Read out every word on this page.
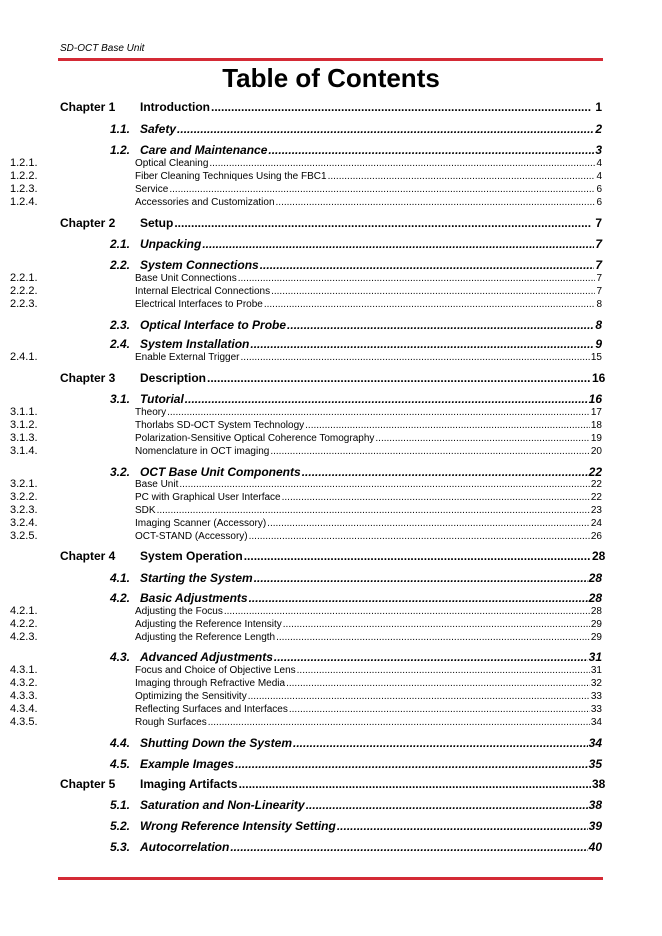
SD-OCT Base Unit
Table of Contents
Chapter 1 Introduction .....	1
1.1. Safety .....	2
1.2. Care and Maintenance .....	3
1.2.1.	Optical Cleaning .....	4
1.2.2.	Fiber Cleaning Techniques Using the FBC1 .....	4
1.2.3.	Service .....	6
1.2.4.	Accessories and Customization .....	6
Chapter 2 Setup .....	7
2.1. Unpacking .....	7
2.2. System Connections .....	7
2.2.1.	Base Unit Connections .....	7
2.2.2.	Internal Electrical Connections .....	7
2.2.3.	Electrical Interfaces to Probe .....	8
2.3. Optical Interface to Probe .....	8
2.4. System Installation .....	9
2.4.1.	Enable External Trigger .....	15
Chapter 3 Description .....	16
3.1. Tutorial .....	16
3.1.1.	Theory .....	17
3.1.2.	Thorlabs SD-OCT System Technology .....	18
3.1.3.	Polarization-Sensitive Optical Coherence Tomography .....	19
3.1.4.	Nomenclature in OCT imaging .....	20
3.2. OCT Base Unit Components .....	22
3.2.1.	Base Unit .....	22
3.2.2.	PC with Graphical User Interface .....	22
3.2.3.	SDK .....	23
3.2.4.	Imaging Scanner (Accessory) .....	24
3.2.5.	OCT-STAND (Accessory) .....	26
Chapter 4 System Operation .....	28
4.1. Starting the System .....	28
4.2. Basic Adjustments .....	28
4.2.1.	Adjusting the Focus .....	28
4.2.2.	Adjusting the Reference Intensity .....	29
4.2.3.	Adjusting the Reference Length .....	29
4.3. Advanced Adjustments .....	31
4.3.1.	Focus and Choice of Objective Lens .....	31
4.3.2.	Imaging through Refractive Media .....	32
4.3.3.	Optimizing the Sensitivity .....	33
4.3.4.	Reflecting Surfaces and Interfaces .....	33
4.3.5.	Rough Surfaces .....	34
4.4. Shutting Down the System .....	34
4.5. Example Images .....	35
Chapter 5 Imaging Artifacts .....	38
5.1. Saturation and Non-Linearity .....	38
5.2. Wrong Reference Intensity Setting .....	39
5.3. Autocorrelation .....	40
